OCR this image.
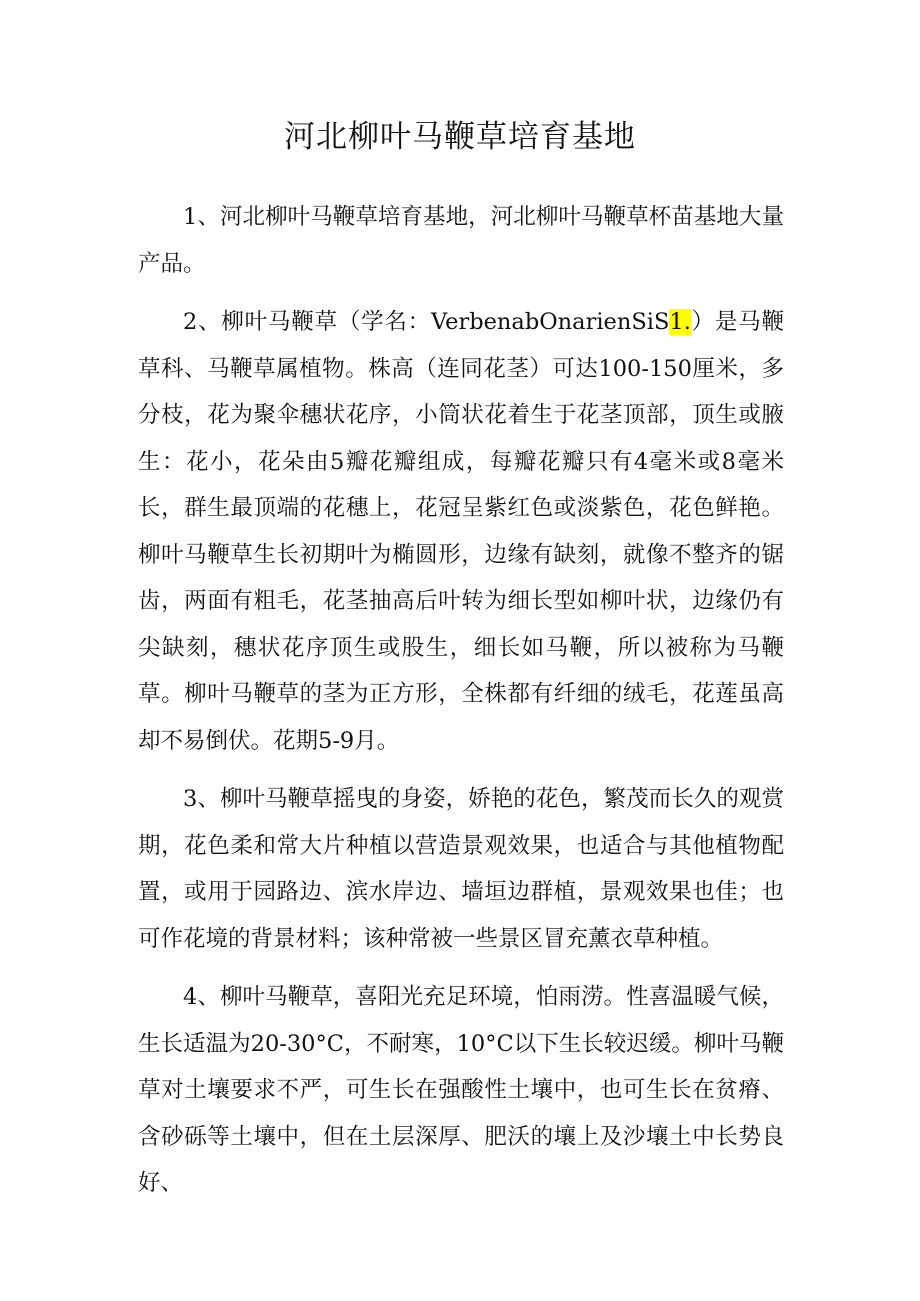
河北柳叶马鞭草培育基地

1、河北柳叶马鞭草培育基地，河北柳叶马鞭草杯苗基地大量产品。

2、柳叶马鞭草（学名：VerbenabOnarienSiS1.）是马鞭草科、马鞭草属植物。株高（连同花茎）可达100-150厘米，多分枝，花为聚伞穗状花序，小筒状花着生于花茎顶部，顶生或腋生：花小，花朵由5瓣花瓣组成，每瓣花瓣只有4毫米或8毫米长，群生最顶端的花穗上，花冠呈紫红色或淡紫色，花色鲜艳。柳叶马鞭草生长初期叶为椭圆形，边缘有缺刻，就像不整齐的锯齿，两面有粗毛，花茎抽高后叶转为细长型如柳叶状，边缘仍有尖缺刻，穗状花序顶生或股生，细长如马鞭，所以被称为马鞭草。柳叶马鞭草的茎为正方形，全株都有纤细的绒毛，花莲虽高却不易倒伏。花期5-9月。

3、柳叶马鞭草摇曳的身姿，娇艳的花色，繁茂而长久的观赏期，花色柔和常大片种植以营造景观效果，也适合与其他植物配置，或用于园路边、滨水岸边、墙垣边群植，景观效果也佳；也可作花境的背景材料；该种常被一些景区冒充薰衣草种植。

4、柳叶马鞭草，喜阳光充足环境，怕雨涝。性喜温暖气候，生长适温为20-30°C，不耐寒，10°C以下生长较迟缓。柳叶马鞭草对土壤要求不严，可生长在强酸性土壤中，也可生长在贫瘠、含砂砾等土壤中，但在土层深厚、肥沃的壤上及沙壤土中长势良好、
